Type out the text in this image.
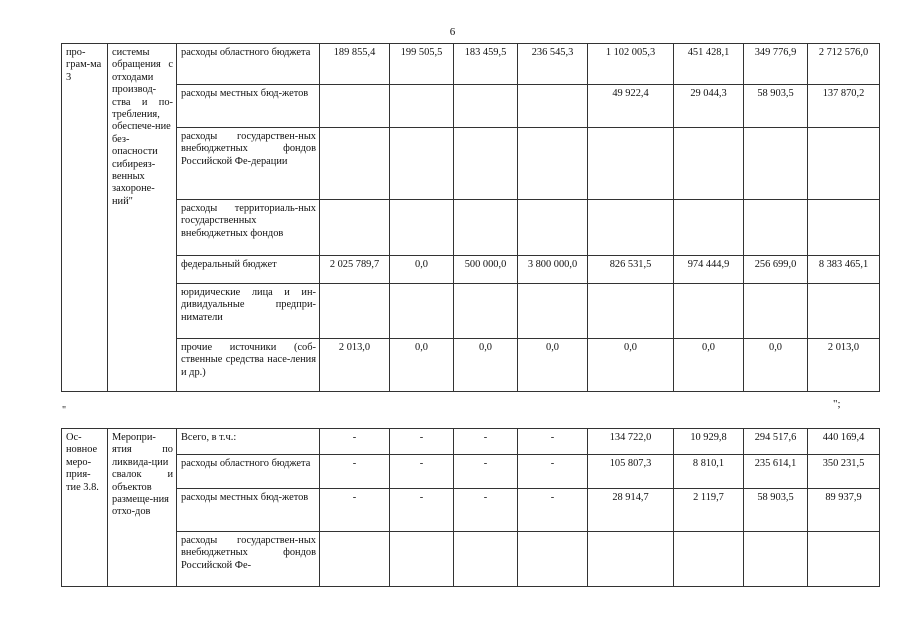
6
про-грам-ма 3	системы обращения с отходами производ-ства и по-требления, обеспече-ние без-опасности сибиреяз-венных захороне-ний"	расходы областного бюджета	189 855,4	199 505,5	183 459,5	236 545,3	1 102 005,3	451 428,1	349 776,9	2 712 576,0
		расходы местных бюд-жетов					49 922,4	29 044,3	58 903,5	137 870,2
		расходы государствен-ных внебюджетных фондов Российской Фе-дерации								
		расходы территориаль-ных государственных внебюджетных фондов								
		федеральный бюджет	2 025 789,7	0,0	500 000,0	3 800 000,0	826 531,5	974 444,9	256 699,0	8 383 465,1
		юридические лица и ин-дивидуальные предпри-ниматели								
		прочие источники (соб-ственные средства насе-ления и др.)	2 013,0	0,0	0,0	0,0	0,0	0,0	0,0	2 013,0
";
"
Ос-новное меро-прия-тие 3.8.	Меропри-ятия по ликвида-ции свалок и объектов размеще-ния отхо-дов	Всего, в т.ч.:	-	-	-	-	134 722,0	10 929,8	294 517,6	440 169,4
		расходы областного бюджета	-	-	-	-	105 807,3	8 810,1	235 614,1	350 231,5
		расходы местных бюд-жетов	-	-	-	-	28 914,7	2 119,7	58 903,5	89 937,9
		расходы государствен-ных внебюджетных фондов Российской Фе-								
